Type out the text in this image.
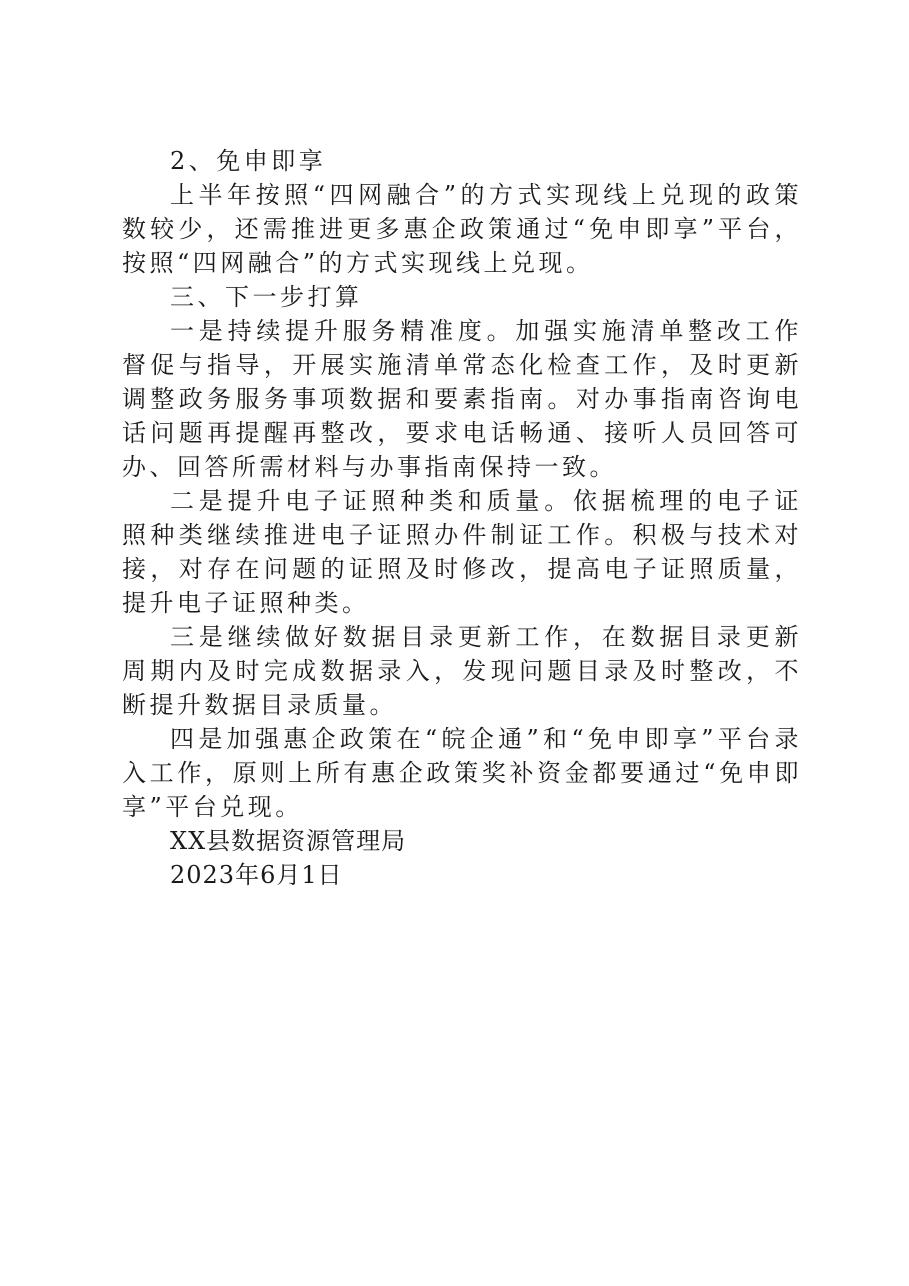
2、免申即享

上半年按照“四网融合”的方式实现线上兑现的政策数较少，还需推进更多惠企政策通过“免申即享”平台，按照“四网融合”的方式实现线上兑现。

三、下一步打算

一是持续提升服务精准度。加强实施清单整改工作督促与指导，开展实施清单常态化检查工作，及时更新调整政务服务事项数据和要素指南。对办事指南咨询电话问题再提醒再整改，要求电话畅通、接听人员回答可办、回答所需材料与办事指南保持一致。

二是提升电子证照种类和质量。依据梳理的电子证照种类继续推进电子证照办件制证工作。积极与技术对接，对存在问题的证照及时修改，提高电子证照质量，提升电子证照种类。

三是继续做好数据目录更新工作，在数据目录更新周期内及时完成数据录入，发现问题目录及时整改，不断提升数据目录质量。

四是加强惠企政策在“皖企通”和“免申即享”平台录入工作，原则上所有惠企政策奖补资金都要通过“免申即享”平台兑现。

XX县数据资源管理局

2023年6月1日
